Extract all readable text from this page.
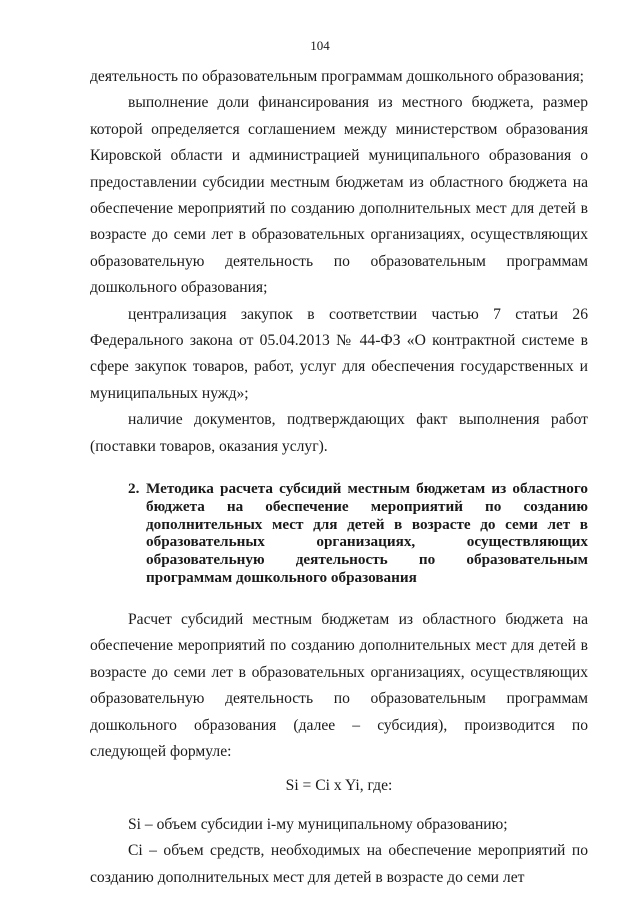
104

деятельность по образовательным программам дошкольного образования;

выполнение доли финансирования из местного бюджета, размер которой определяется соглашением между министерством образования Кировской области и администрацией муниципального образования о предоставлении субсидии местным бюджетам из областного бюджета на обеспечение мероприятий по созданию дополнительных мест для детей в возрасте до семи лет в образовательных организациях, осуществляющих образовательную деятельность по образовательным программам дошкольного образования;

централизация закупок в соответствии частью 7 статьи 26 Федерального закона от 05.04.2013 № 44-ФЗ «О контрактной системе в сфере закупок товаров, работ, услуг для обеспечения государственных и муниципальных нужд»;

наличие документов, подтверждающих факт выполнения работ (поставки товаров, оказания услуг).

2. Методика расчета субсидий местным бюджетам из областного бюджета на обеспечение мероприятий по созданию дополнительных мест для детей в возрасте до семи лет в образовательных организациях, осуществляющих образовательную деятельность по образовательным программам дошкольного образования

Расчет субсидий местным бюджетам из областного бюджета на обеспечение мероприятий по созданию дополнительных мест для детей в возрасте до семи лет в образовательных организациях, осуществляющих образовательную деятельность по образовательным программам дошкольного образования (далее – субсидия), производится по следующей формуле:

Si = Ci x Yi, где:

Si – объем субсидии i-му муниципальному образованию;

Ci – объем средств, необходимых на обеспечение мероприятий по созданию дополнительных мест для детей в возрасте до семи лет
